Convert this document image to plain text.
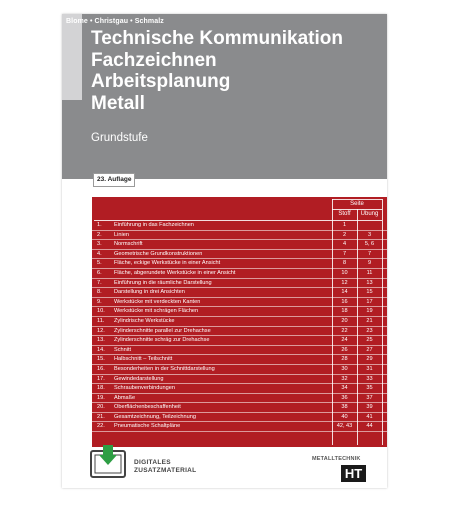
Blome • Christgau • Schmalz
Technische Kommunikation
Fachzeichnen
Arbeitsplanung
Metall
Grundstufe
23. Auflage
Seite
Stoff	Übung
1. Einführung in das Fachzeichnen	1
2. Linien	2	3
3. Normschrift	4	5, 6
4. Geometrische Grundkonstruktionen	7	7
5. Fläche, eckige Werkstücke in einer Ansicht	8	9
6. Fläche, abgerundete Werkstücke in einer Ansicht	10	11
7. Einführung in die räumliche Darstellung	12	13
8. Darstellung in drei Ansichten	14	15
9. Werkstücke mit verdeckten Kanten	16	17
10. Werkstücke mit schrägen Flächen	18	19
11. Zylindrische Werkstücke	20	21
12. Zylinderschnitte parallel zur Drehachse	22	23
13. Zylinderschnitte schräg zur Drehachse	24	25
14. Schnitt	26	27
15. Halbschnitt – Teilschnitt	28	29
16. Besonderheiten in der Schnittdarstellung	30	31
17. Gewindedarstellung	32	33
18. Schraubenverbindungen	34	35
19. Abmaße	36	37
20. Oberflächenbeschaffenheit	38	39
21. Gesamtzeichnung, Teilzeichnung	40	41
22. Pneumatische Schaltpläne	42, 43	44
DIGITALES
ZUSATZMATERIAL
METALLTECHNIK
HT
